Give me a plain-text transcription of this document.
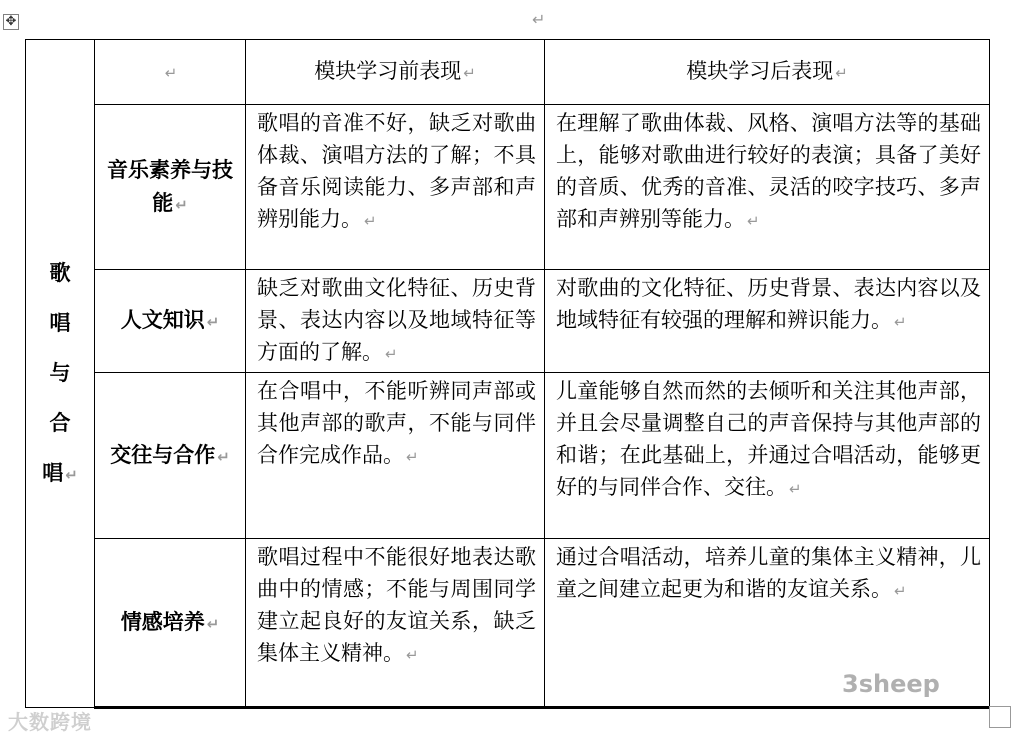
✥	↵
歌
唱
与
合
唱 ↵	↵	模块学习前表现 ↵	模块学习后表现 ↵
	音乐素养与技能 ↵	歌唱的音准不好，缺乏对歌曲体裁、演唱方法的了解；不具备音乐阅读能力、多声部和声辨别能力。 ↵	在理解了歌曲体裁、风格、演唱方法等的基础上，能够对歌曲进行较好的表演；具备了美好的音质、优秀的音准、灵活的咬字技巧、多声部和声辨别等能力。 ↵
	人文知识 ↵	缺乏对歌曲文化特征、历史背景、表达内容以及地域特征等方面的了解。 ↵	对歌曲的文化特征、历史背景、表达内容以及地域特征有较强的理解和辨识能力。 ↵
	交往与合作 ↵	在合唱中，不能听辨同声部或其他声部的歌声，不能与同伴合作完成作品。 ↵	儿童能够自然而然的去倾听和关注其他声部，并且会尽量调整自己的声音保持与其他声部的和谐；在此基础上，并通过合唱活动，能够更好的与同伴合作、交往。 ↵
	情感培养 ↵	歌唱过程中不能很好地表达歌曲中的情感；不能与周围同学建立起良好的友谊关系，缺乏集体主义精神。 ↵	通过合唱活动，培养儿童的集体主义精神，儿童之间建立起更为和谐的友谊关系。 ↵
大数跨境
3sheep
